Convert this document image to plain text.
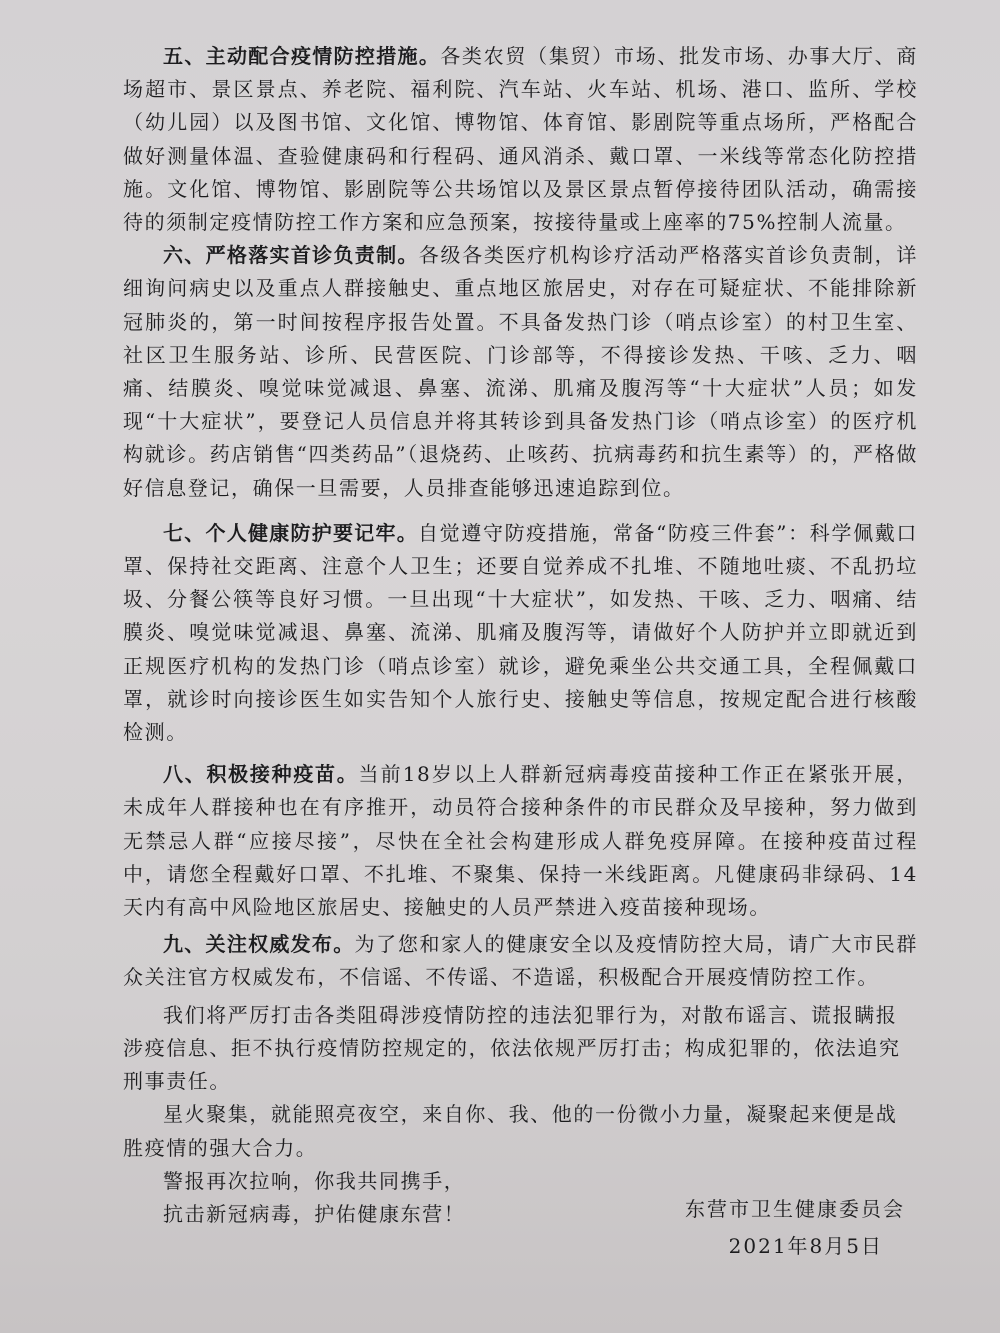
五、主动配合疫情防控措施。各类农贸（集贸）市场、批发市场、办事大厅、商场超市、景区景点、养老院、福利院、汽车站、火车站、机场、港口、监所、学校（幼儿园）以及图书馆、文化馆、博物馆、体育馆、影剧院等重点场所，严格配合做好测量体温、查验健康码和行程码、通风消杀、戴口罩、一米线等常态化防控措施。文化馆、博物馆、影剧院等公共场馆以及景区景点暂停接待团队活动，确需接待的须制定疫情防控工作方案和应急预案，按接待量或上座率的75%控制人流量。

六、严格落实首诊负责制。各级各类医疗机构诊疗活动严格落实首诊负责制，详细询问病史以及重点人群接触史、重点地区旅居史，对存在可疑症状、不能排除新冠肺炎的，第一时间按程序报告处置。不具备发热门诊（哨点诊室）的村卫生室、社区卫生服务站、诊所、民营医院、门诊部等，不得接诊发热、干咳、乏力、咽痛、结膜炎、嗅觉味觉减退、鼻塞、流涕、肌痛及腹泻等“十大症状”人员；如发现“十大症状”，要登记人员信息并将其转诊到具备发热门诊（哨点诊室）的医疗机构就诊。药店销售“四类药品”（退烧药、止咳药、抗病毒药和抗生素等）的，严格做好信息登记，确保一旦需要，人员排查能够迅速追踪到位。

七、个人健康防护要记牢。自觉遵守防疫措施，常备“防疫三件套”：科学佩戴口罩、保持社交距离、注意个人卫生；还要自觉养成不扎堆、不随地吐痰、不乱扔垃圾、分餐公筷等良好习惯。一旦出现“十大症状”，如发热、干咳、乏力、咽痛、结膜炎、嗅觉味觉减退、鼻塞、流涕、肌痛及腹泻等，请做好个人防护并立即就近到正规医疗机构的发热门诊（哨点诊室）就诊，避免乘坐公共交通工具，全程佩戴口罩，就诊时向接诊医生如实告知个人旅行史、接触史等信息，按规定配合进行核酸检测。

八、积极接种疫苗。当前18岁以上人群新冠病毒疫苗接种工作正在紧张开展，未成年人群接种也在有序推开，动员符合接种条件的市民群众及早接种，努力做到无禁忌人群“应接尽接”，尽快在全社会构建形成人群免疫屏障。在接种疫苗过程中，请您全程戴好口罩、不扎堆、不聚集、保持一米线距离。凡健康码非绿码、14天内有高中风险地区旅居史、接触史的人员严禁进入疫苗接种现场。

九、关注权威发布。为了您和家人的健康安全以及疫情防控大局，请广大市民群众关注官方权威发布，不信谣、不传谣、不造谣，积极配合开展疫情防控工作。

我们将严厉打击各类阻碍涉疫情防控的违法犯罪行为，对散布谣言、谎报瞒报涉疫信息、拒不执行疫情防控规定的，依法依规严厉打击；构成犯罪的，依法追究刑事责任。

星火聚集，就能照亮夜空，来自你、我、他的一份微小力量，凝聚起来便是战胜疫情的强大合力。

警报再次拉响，你我共同携手，

抗击新冠病毒，护佑健康东营！	东营市卫生健康委员会
2021年8月5日
